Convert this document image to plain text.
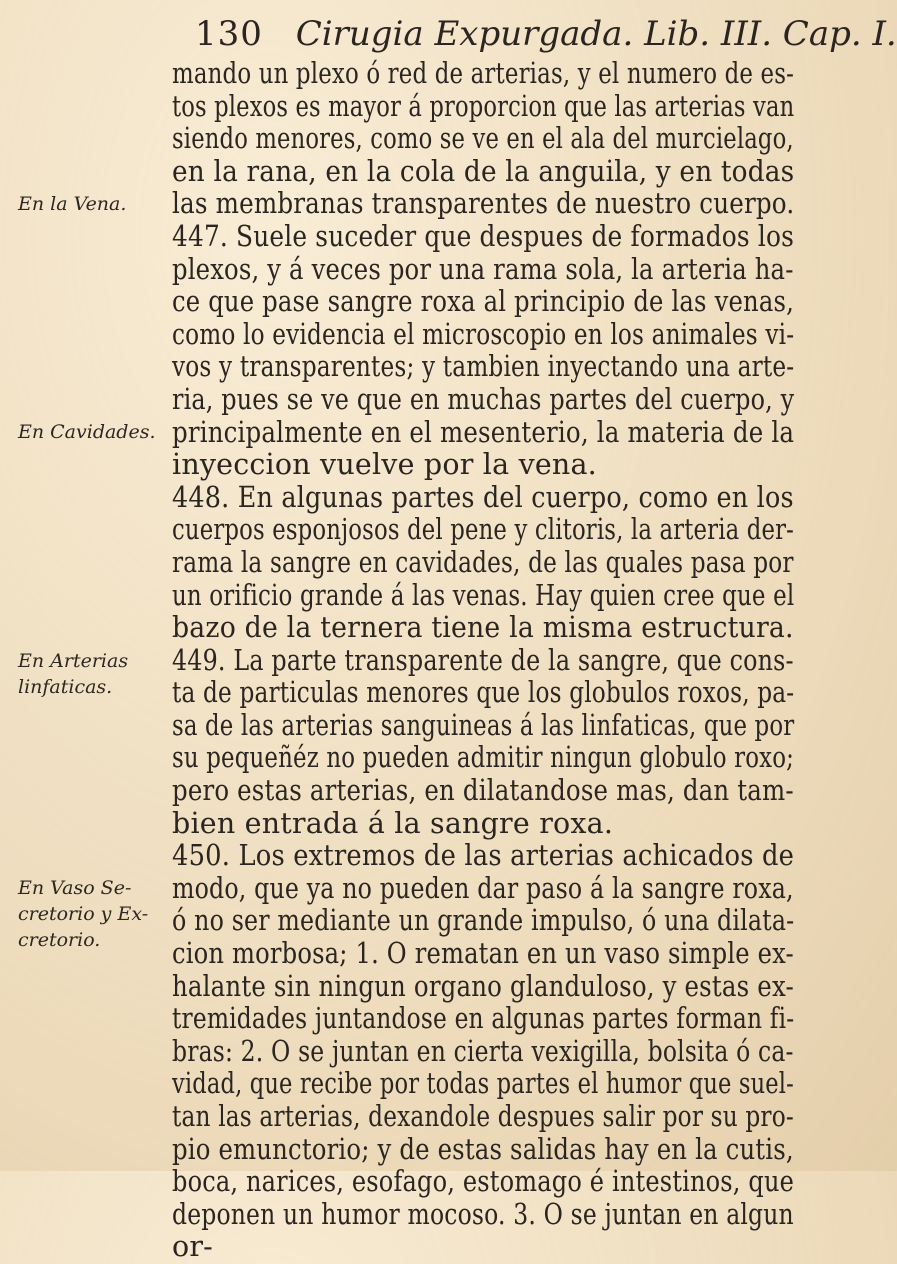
130 Cirugia Expurgada. Lib. III. Cap. I.
mando un plexo ó red de arterias, y el numero de es-
tos plexos es mayor á proporcion que las arterias van
siendo menores, como se ve en el ala del murcielago,
en la rana, en la cola de la anguila, y en todas
las membranas transparentes de nuestro cuerpo.
447. Suele suceder que despues de formados los
plexos, y á veces por una rama sola, la arteria ha-
ce que pase sangre roxa al principio de las venas,
como lo evidencia el microscopio en los animales vi-
vos y transparentes; y tambien inyectando una arte-
ria, pues se ve que en muchas partes del cuerpo, y
principalmente en el mesenterio, la materia de la
inyeccion vuelve por la vena.
448. En algunas partes del cuerpo, como en los
cuerpos esponjosos del pene y clitoris, la arteria der-
rama la sangre en cavidades, de las quales pasa por
un orificio grande á las venas. Hay quien cree que el
bazo de la ternera tiene la misma estructura.
449. La parte transparente de la sangre, que cons-
ta de particulas menores que los globulos roxos, pa-
sa de las arterias sanguineas á las linfaticas, que por
su pequeñéz no pueden admitir ningun globulo roxo;
pero estas arterias, en dilatandose mas, dan tam-
bien entrada á la sangre roxa.
450. Los extremos de las arterias achicados de
modo, que ya no pueden dar paso á la sangre roxa,
ó no ser mediante un grande impulso, ó una dilata-
cion morbosa; 1. O rematan en un vaso simple ex-
halante sin ningun organo glanduloso, y estas ex-
tremidades juntandose en algunas partes forman fi-
bras: 2. O se juntan en cierta vexigilla, bolsita ó ca-
vidad, que recibe por todas partes el humor que suel-
tan las arterias, dexandole despues salir por su pro-
pio emunctorio; y de estas salidas hay en la cutis,
boca, narices, esofago, estomago é intestinos, que
deponen un humor mocoso. 3. O se juntan en algun
or-
En la Vena.
En Cavidades.
En Arterias
linfaticas.
En Vaso Se-
cretorio y Ex-
cretorio.
